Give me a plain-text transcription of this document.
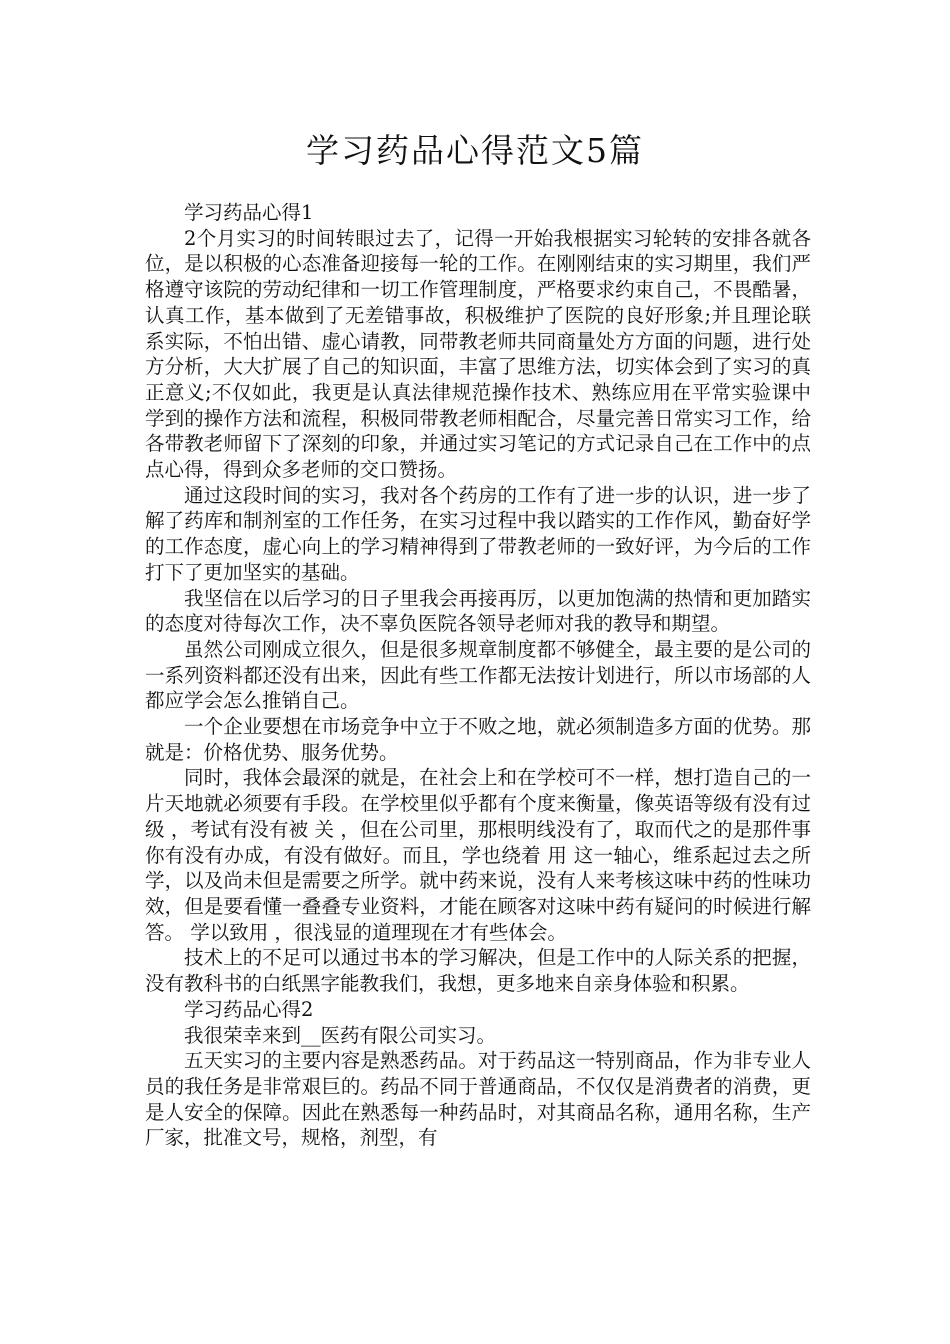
学习药品心得范文5篇

学习药品心得1

2个月实习的时间转眼过去了，记得一开始我根据实习轮转的安排各就各位，是以积极的心态准备迎接每一轮的工作。在刚刚结束的实习期里，我们严格遵守该院的劳动纪律和一切工作管理制度，严格要求约束自己，不畏酷暑，认真工作，基本做到了无差错事故，积极维护了医院的良好形象;并且理论联系实际，不怕出错、虚心请教，同带教老师共同商量处方方面的问题，进行处方分析，大大扩展了自己的知识面，丰富了思维方法，切实体会到了实习的真正意义;不仅如此，我更是认真法律规范操作技术、熟练应用在平常实验课中学到的操作方法和流程，积极同带教老师相配合，尽量完善日常实习工作，给各带教老师留下了深刻的印象，并通过实习笔记的方式记录自己在工作中的点点心得，得到众多老师的交口赞扬。

通过这段时间的实习，我对各个药房的工作有了进一步的认识，进一步了解了药库和制剂室的工作任务，在实习过程中我以踏实的工作作风，勤奋好学的工作态度，虚心向上的学习精神得到了带教老师的一致好评，为今后的工作打下了更加坚实的基础。

我坚信在以后学习的日子里我会再接再厉，以更加饱满的热情和更加踏实的态度对待每次工作，决不辜负医院各领导老师对我的教导和期望。

虽然公司刚成立很久，但是很多规章制度都不够健全，最主要的是公司的一系列资料都还没有出来，因此有些工作都无法按计划进行，所以市场部的人都应学会怎么推销自己。

一个企业要想在市场竞争中立于不败之地，就必须制造多方面的优势。那就是：价格优势、服务优势。

同时，我体会最深的就是，在社会上和在学校可不一样，想打造自己的一片天地就必须要有手段。在学校里似乎都有个度来衡量，像英语等级有没有过 级 ，考试有没有被 关 ，但在公司里，那根明线没有了，取而代之的是那件事你有没有办成，有没有做好。而且，学也绕着 用 这一轴心，维系起过去之所学，以及尚未但是需要之所学。就中药来说，没有人来考核这味中药的性味功效，但是要看懂一叠叠专业资料，才能在顾客对这味中药有疑问的时候进行解答。 学以致用 ，很浅显的道理现在才有些体会。

技术上的不足可以通过书本的学习解决，但是工作中的人际关系的把握，没有教科书的白纸黑字能教我们，我想，更多地来自亲身体验和积累。

学习药品心得2

我很荣幸来到__医药有限公司实习。

五天实习的主要内容是熟悉药品。对于药品这一特别商品，作为非专业人员的我任务是非常艰巨的。药品不同于普通商品，不仅仅是消费者的消费，更是人安全的保障。因此在熟悉每一种药品时，对其商品名称，通用名称，生产厂家，批准文号，规格，剂型，有
